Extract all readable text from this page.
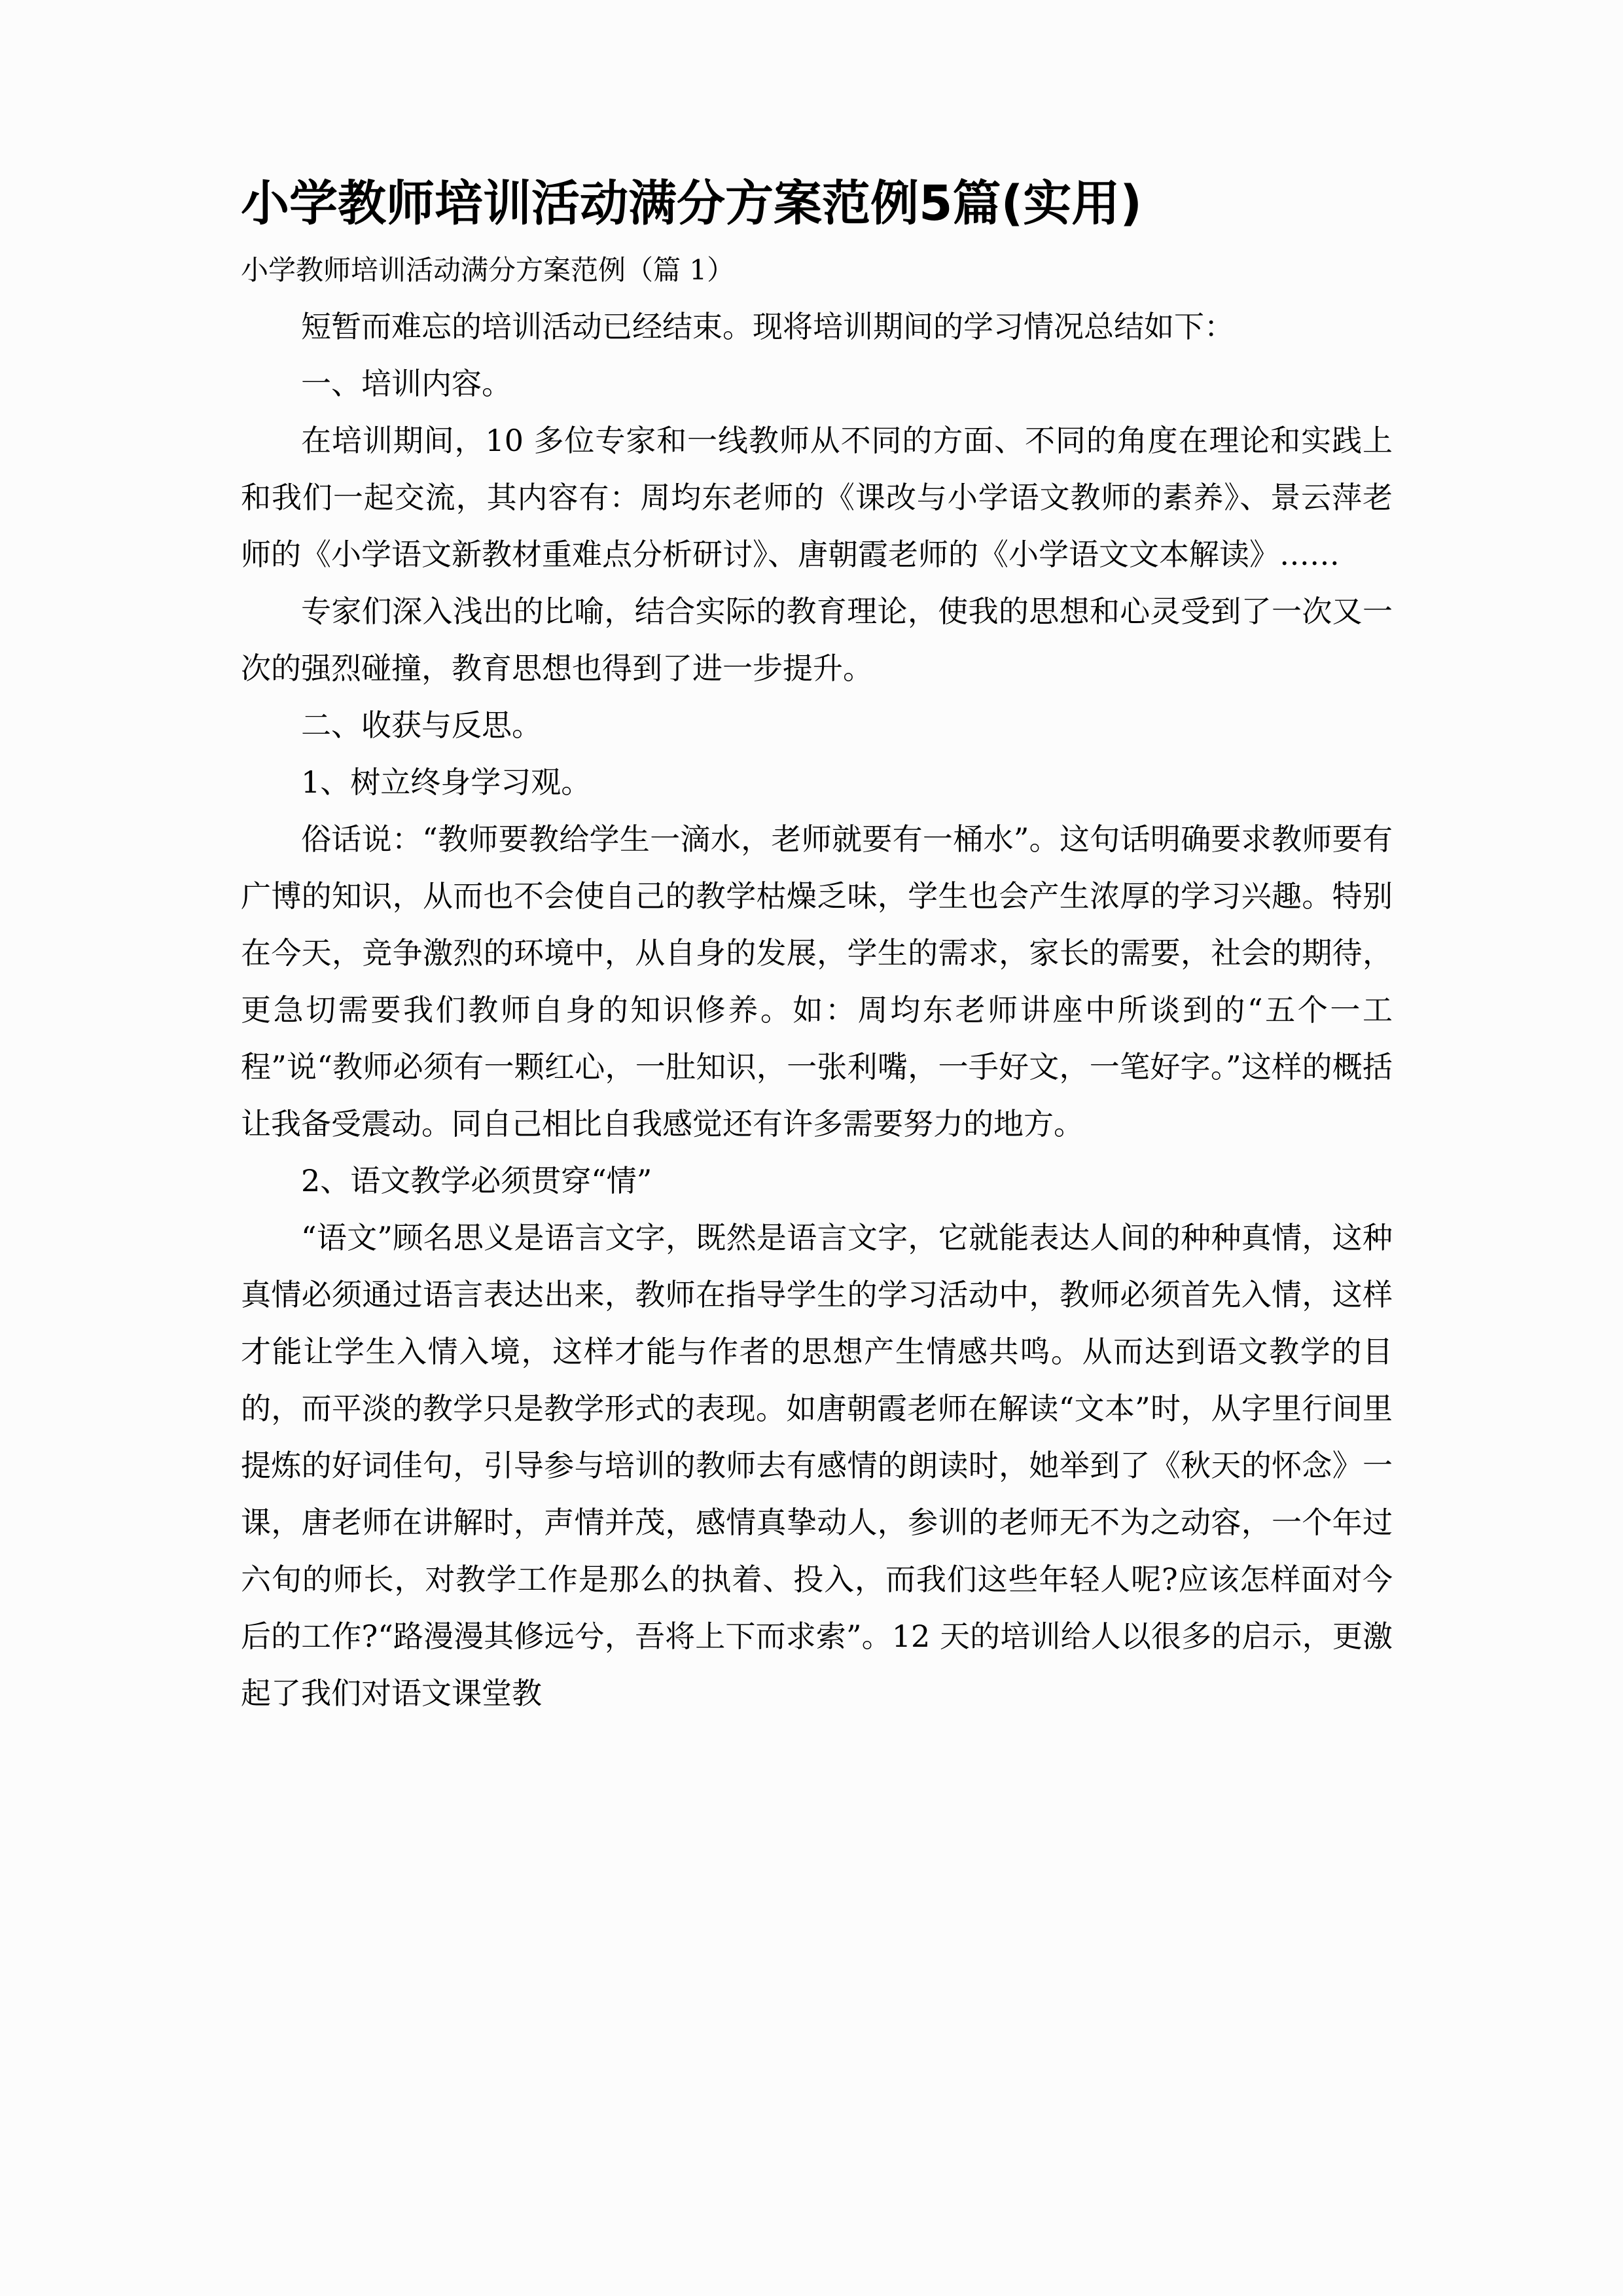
小学教师培训活动满分方案范例5篇(实用)

小学教师培训活动满分方案范例（篇 1）

短暂而难忘的培训活动已经结束。现将培训期间的学习情况总结如下：

一、培训内容。

在培训期间，10 多位专家和一线教师从不同的方面、不同的角度在理论和实践上和我们一起交流，其内容有：周均东老师的《课改与小学语文教师的素养》、景云萍老师的《小学语文新教材重难点分析研讨》、唐朝霞老师的《小学语文文本解读》……

专家们深入浅出的比喻，结合实际的教育理论，使我的思想和心灵受到了一次又一次的强烈碰撞，教育思想也得到了进一步提升。

二、收获与反思。

1、树立终身学习观。

俗话说：“教师要教给学生一滴水，老师就要有一桶水”。这句话明确要求教师要有广博的知识，从而也不会使自己的教学枯燥乏味，学生也会产生浓厚的学习兴趣。特别在今天，竞争激烈的环境中，从自身的发展，学生的需求，家长的需要，社会的期待，更急切需要我们教师自身的知识修养。如：周均东老师讲座中所谈到的“五个一工程”说“教师必须有一颗红心，一肚知识，一张利嘴，一手好文，一笔好字。”这样的概括让我备受震动。同自己相比自我感觉还有许多需要努力的地方。

2、语文教学必须贯穿“情”

“语文”顾名思义是语言文字，既然是语言文字，它就能表达人间的种种真情，这种真情必须通过语言表达出来，教师在指导学生的学习活动中，教师必须首先入情，这样才能让学生入情入境，这样才能与作者的思想产生情感共鸣。从而达到语文教学的目的，而平淡的教学只是教学形式的表现。如唐朝霞老师在解读“文本”时，从字里行间里提炼的好词佳句，引导参与培训的教师去有感情的朗读时，她举到了《秋天的怀念》一课，唐老师在讲解时，声情并茂，感情真挚动人，参训的老师无不为之动容，一个年过六旬的师长，对教学工作是那么的执着、投入，而我们这些年轻人呢?应该怎样面对今后的工作?“路漫漫其修远兮，吾将上下而求索”。12 天的培训给人以很多的启示，更激起了我们对语文课堂教
